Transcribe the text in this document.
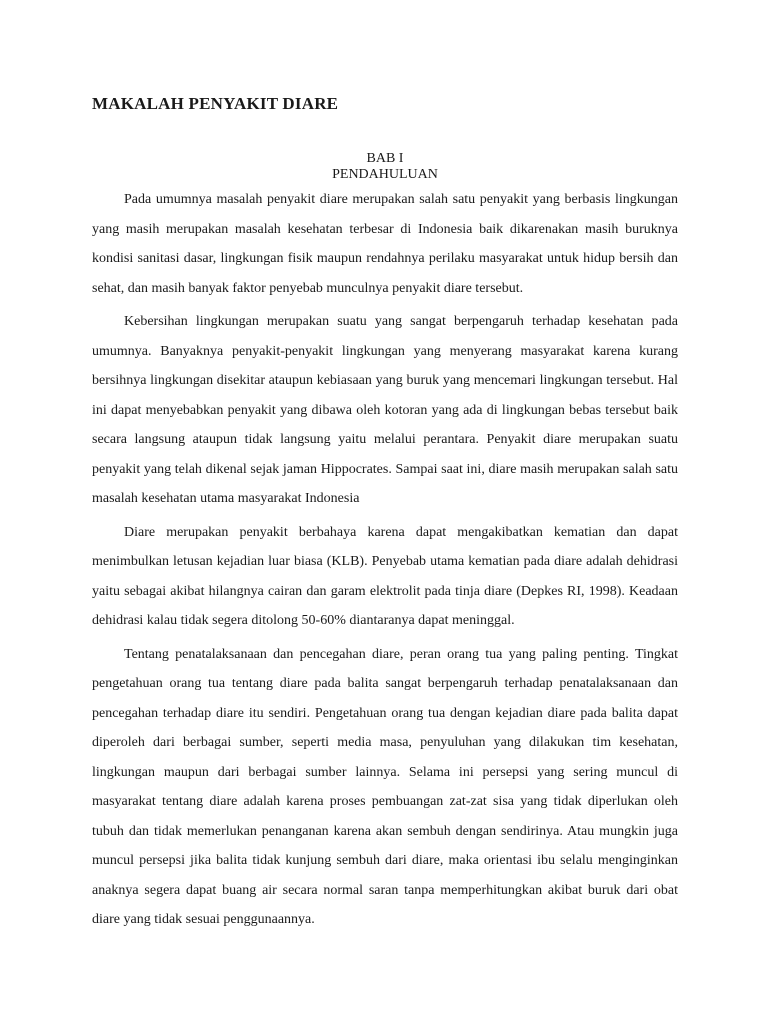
MAKALAH PENYAKIT DIARE
BAB I
PENDAHULUAN

Pada umumnya masalah penyakit diare merupakan salah satu penyakit yang berbasis lingkungan yang masih merupakan masalah kesehatan terbesar di Indonesia baik dikarenakan masih buruknya kondisi sanitasi dasar, lingkungan fisik maupun rendahnya perilaku masyarakat untuk hidup bersih dan sehat, dan masih banyak faktor penyebab munculnya penyakit diare tersebut.

Kebersihan lingkungan merupakan suatu yang sangat berpengaruh terhadap kesehatan pada umumnya. Banyaknya penyakit-penyakit lingkungan yang menyerang masyarakat karena kurang bersihnya lingkungan disekitar ataupun kebiasaan yang buruk yang mencemari lingkungan tersebut. Hal ini dapat menyebabkan penyakit yang dibawa oleh kotoran yang ada di lingkungan bebas tersebut baik secara langsung ataupun tidak langsung yaitu melalui perantara. Penyakit diare merupakan suatu penyakit yang telah dikenal sejak jaman Hippocrates. Sampai saat ini, diare masih merupakan salah satu masalah kesehatan utama masyarakat Indonesia

Diare merupakan penyakit berbahaya karena dapat mengakibatkan kematian dan dapat menimbulkan letusan kejadian luar biasa (KLB). Penyebab utama kematian pada diare adalah dehidrasi yaitu sebagai akibat hilangnya cairan dan garam elektrolit pada tinja diare (Depkes RI, 1998). Keadaan dehidrasi kalau tidak segera ditolong 50-60% diantaranya dapat meninggal.

Tentang penatalaksanaan dan pencegahan diare, peran orang tua yang paling penting. Tingkat pengetahuan orang tua tentang diare pada balita sangat berpengaruh terhadap penatalaksanaan dan pencegahan terhadap diare itu sendiri. Pengetahuan orang tua dengan kejadian diare pada balita dapat diperoleh dari berbagai sumber, seperti media masa, penyuluhan yang dilakukan tim kesehatan, lingkungan maupun dari berbagai sumber lainnya. Selama ini persepsi yang sering muncul di masyarakat tentang diare adalah karena proses pembuangan zat-zat sisa yang tidak diperlukan oleh tubuh dan tidak memerlukan penanganan karena akan sembuh dengan sendirinya. Atau mungkin juga muncul persepsi jika balita tidak kunjung sembuh dari diare, maka orientasi ibu selalu menginginkan anaknya segera dapat buang air secara normal saran tanpa memperhitungkan akibat buruk dari obat diare yang tidak sesuai penggunaannya.
